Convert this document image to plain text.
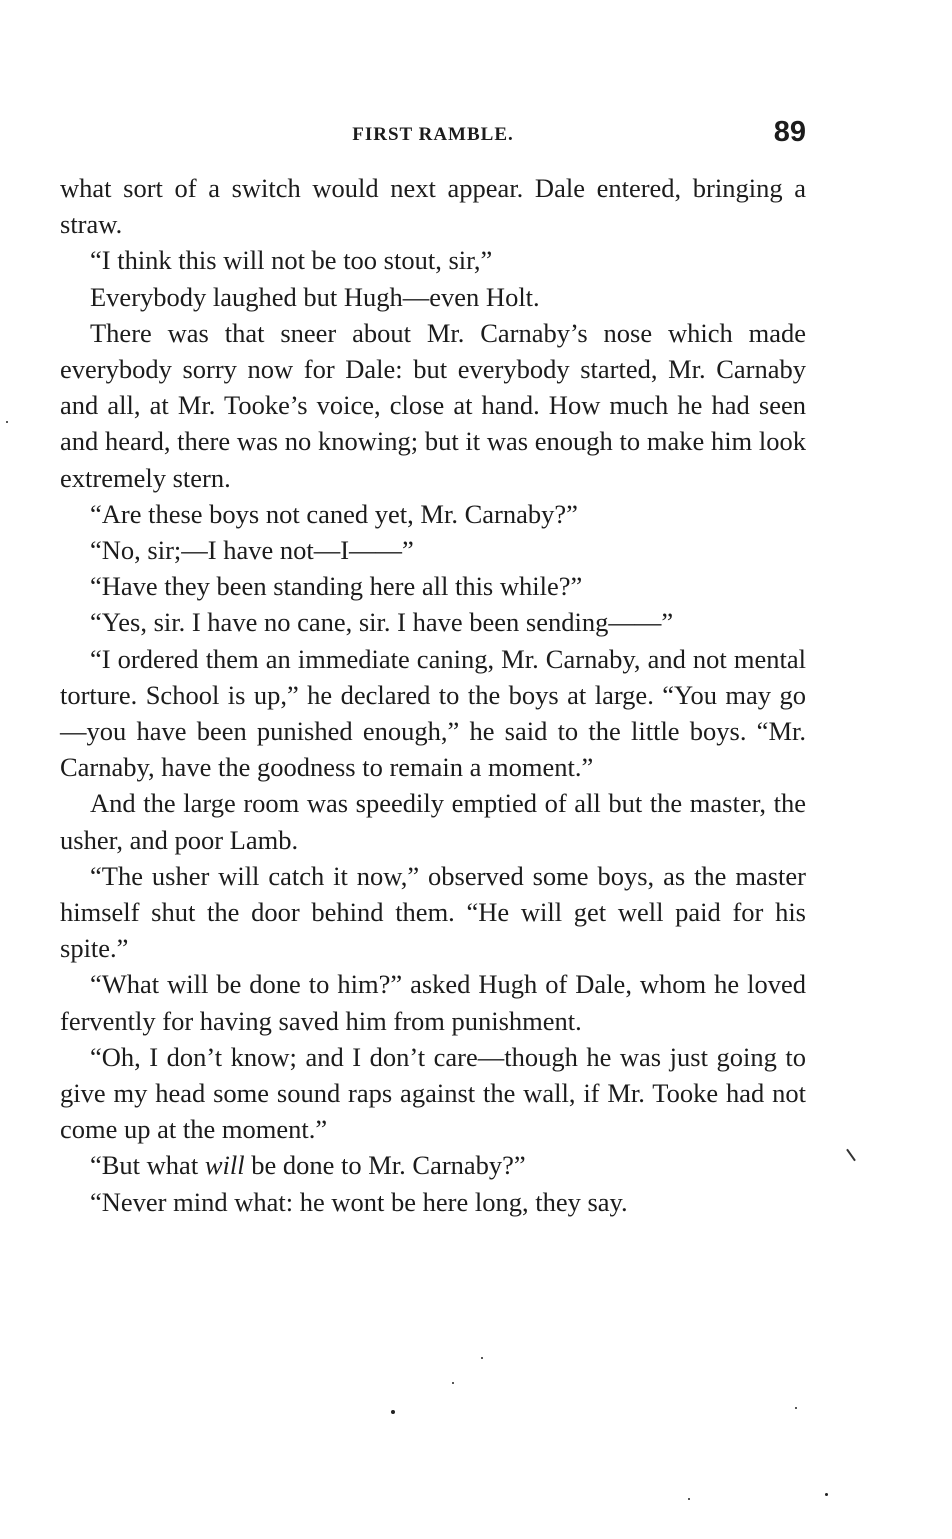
FIRST RAMBLE.	89

what sort of a switch would next appear. Dale entered, bringing a straw.

“I think this will not be too stout, sir,”

Everybody laughed but Hugh—even Holt.

There was that sneer about Mr. Carnaby’s nose which made everybody sorry now for Dale: but everybody started, Mr. Carnaby and all, at Mr. Tooke’s voice, close at hand. How much he had seen and heard, there was no knowing; but it was enough to make him look extremely stern.

“Are these boys not caned yet, Mr. Carnaby?”

“No, sir;—I have not—I——”

“Have they been standing here all this while?”

“Yes, sir. I have no cane, sir. I have been sending——”

“I ordered them an immediate caning, Mr. Carnaby, and not mental torture. School is up,” he declared to the boys at large. “You may go—you have been punished enough,” he said to the little boys. “Mr. Carnaby, have the goodness to remain a moment.”

And the large room was speedily emptied of all but the master, the usher, and poor Lamb.

“The usher will catch it now,” observed some boys, as the master himself shut the door behind them. “He will get well paid for his spite.”

“What will be done to him?” asked Hugh of Dale, whom he loved fervently for having saved him from punishment.

“Oh, I don’t know; and I don’t care—though he was just going to give my head some sound raps against the wall, if Mr. Tooke had not come up at the moment.”

“But what will be done to Mr. Carnaby?”

“Never mind what: he wont be here long, they say.
